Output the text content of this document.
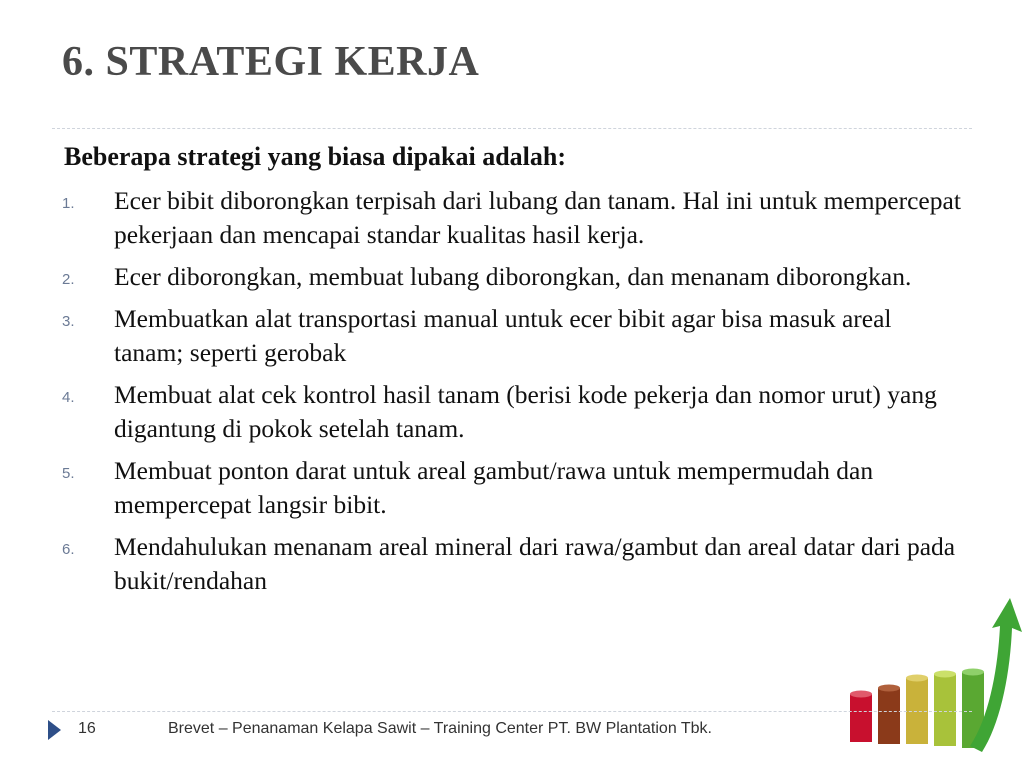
6. STRATEGI KERJA
Beberapa strategi yang biasa dipakai adalah:
1. Ecer bibit diborongkan terpisah dari lubang dan tanam. Hal ini untuk mempercepat pekerjaan dan mencapai standar kualitas hasil kerja.
2. Ecer diborongkan, membuat lubang diborongkan, dan menanam diborongkan.
3. Membuatkan alat transportasi manual untuk ecer bibit agar bisa masuk areal tanam; seperti gerobak
4. Membuat alat cek kontrol hasil tanam (berisi kode pekerja dan nomor urut) yang digantung di pokok setelah tanam.
5. Membuat ponton darat untuk areal gambut/rawa untuk mempermudah dan mempercepat langsir bibit.
6. Mendahulukan menanam areal mineral dari rawa/gambut dan areal datar dari pada bukit/rendahan
16	Brevet – Penanaman Kelapa Sawit – Training Center PT. BW Plantation Tbk.
